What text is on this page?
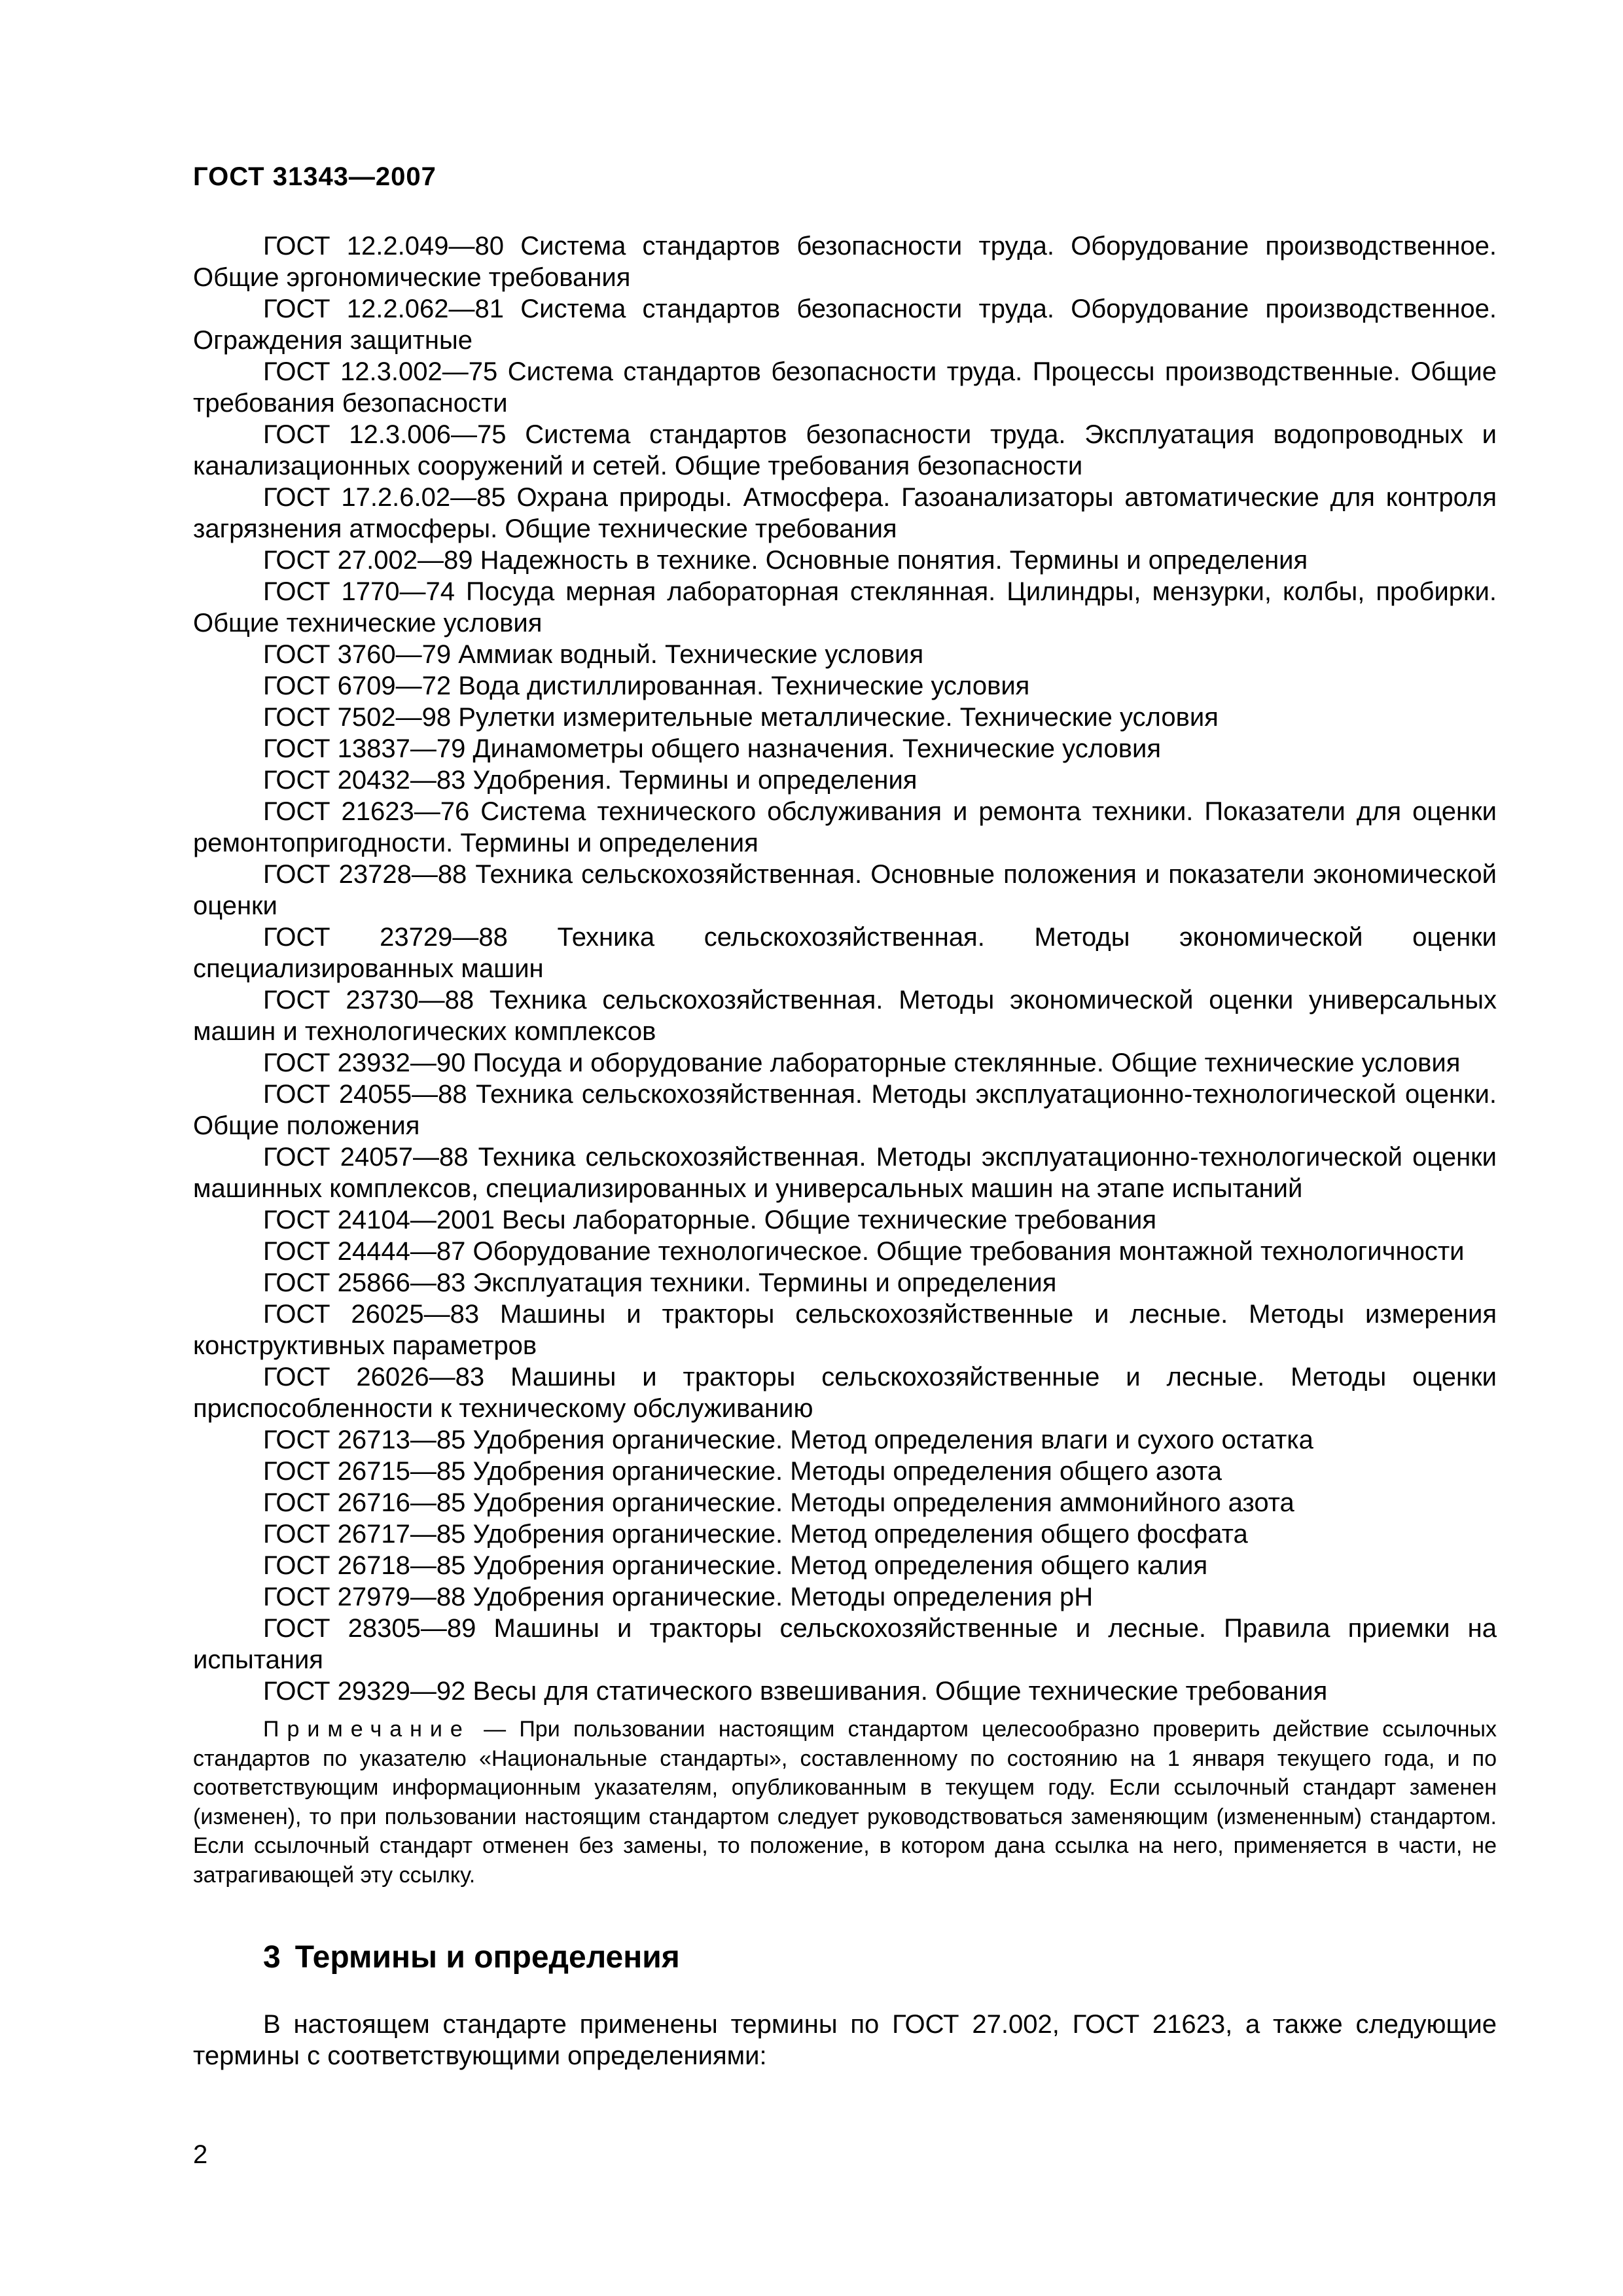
ГОСТ 31343—2007

ГОСТ 12.2.049—80 Система стандартов безопасности труда. Оборудование производственное. Общие эргономические требования

ГОСТ 12.2.062—81 Система стандартов безопасности труда. Оборудование производственное. Ограждения защитные

ГОСТ 12.3.002—75 Система стандартов безопасности труда. Процессы производственные. Общие требования безопасности

ГОСТ 12.3.006—75 Система стандартов безопасности труда. Эксплуатация водопроводных и канализационных сооружений и сетей. Общие требования безопасности

ГОСТ 17.2.6.02—85 Охрана природы. Атмосфера. Газоанализаторы автоматические для контроля загрязнения атмосферы. Общие технические требования

ГОСТ 27.002—89 Надежность в технике. Основные понятия. Термины и определения

ГОСТ 1770—74 Посуда мерная лабораторная стеклянная. Цилиндры, мензурки, колбы, пробирки. Общие технические условия

ГОСТ 3760—79 Аммиак водный. Технические условия

ГОСТ 6709—72 Вода дистиллированная. Технические условия

ГОСТ 7502—98 Рулетки измерительные металлические. Технические условия

ГОСТ 13837—79 Динамометры общего назначения. Технические условия

ГОСТ 20432—83 Удобрения. Термины и определения

ГОСТ 21623—76 Система технического обслуживания и ремонта техники. Показатели для оценки ремонтопригодности. Термины и определения

ГОСТ 23728—88 Техника сельскохозяйственная. Основные положения и показатели экономической оценки

ГОСТ 23729—88 Техника сельскохозяйственная. Методы экономической оценки специализированных машин

ГОСТ 23730—88 Техника сельскохозяйственная. Методы экономической оценки универсальных машин и технологических комплексов

ГОСТ 23932—90 Посуда и оборудование лабораторные стеклянные. Общие технические условия

ГОСТ 24055—88 Техника сельскохозяйственная. Методы эксплуатационно-технологической оценки. Общие положения

ГОСТ 24057—88 Техника сельскохозяйственная. Методы эксплуатационно-технологической оценки машинных комплексов, специализированных и универсальных машин на этапе испытаний

ГОСТ 24104—2001 Весы лабораторные. Общие технические требования

ГОСТ 24444—87 Оборудование технологическое. Общие требования монтажной технологичности

ГОСТ 25866—83 Эксплуатация техники. Термины и определения

ГОСТ 26025—83 Машины и тракторы сельскохозяйственные и лесные. Методы измерения конструктивных параметров

ГОСТ 26026—83 Машины и тракторы сельскохозяйственные и лесные. Методы оценки приспособленности к техническому обслуживанию

ГОСТ 26713—85 Удобрения органические. Метод определения влаги и сухого остатка

ГОСТ 26715—85 Удобрения органические. Методы определения общего азота

ГОСТ 26716—85 Удобрения органические. Методы определения аммонийного азота

ГОСТ 26717—85 Удобрения органические. Метод определения общего фосфата

ГОСТ 26718—85 Удобрения органические. Метод определения общего калия

ГОСТ 27979—88 Удобрения органические. Методы определения pH

ГОСТ 28305—89 Машины и тракторы сельскохозяйственные и лесные. Правила приемки на испытания

ГОСТ 29329—92 Весы для статического взвешивания. Общие технические требования

Примечание — При пользовании настоящим стандартом целесообразно проверить действие ссылочных стандартов по указателю «Национальные стандарты», составленному по состоянию на 1 января текущего года, и по соответствующим информационным указателям, опубликованным в текущем году. Если ссылочный стандарт заменен (изменен), то при пользовании настоящим стандартом следует руководствоваться заменяющим (измененным) стандартом. Если ссылочный стандарт отменен без замены, то положение, в котором дана ссылка на него, применяется в части, не затрагивающей эту ссылку.

3 Термины и определения

В настоящем стандарте применены термины по ГОСТ 27.002, ГОСТ 21623, а также следующие термины с соответствующими определениями:

2
